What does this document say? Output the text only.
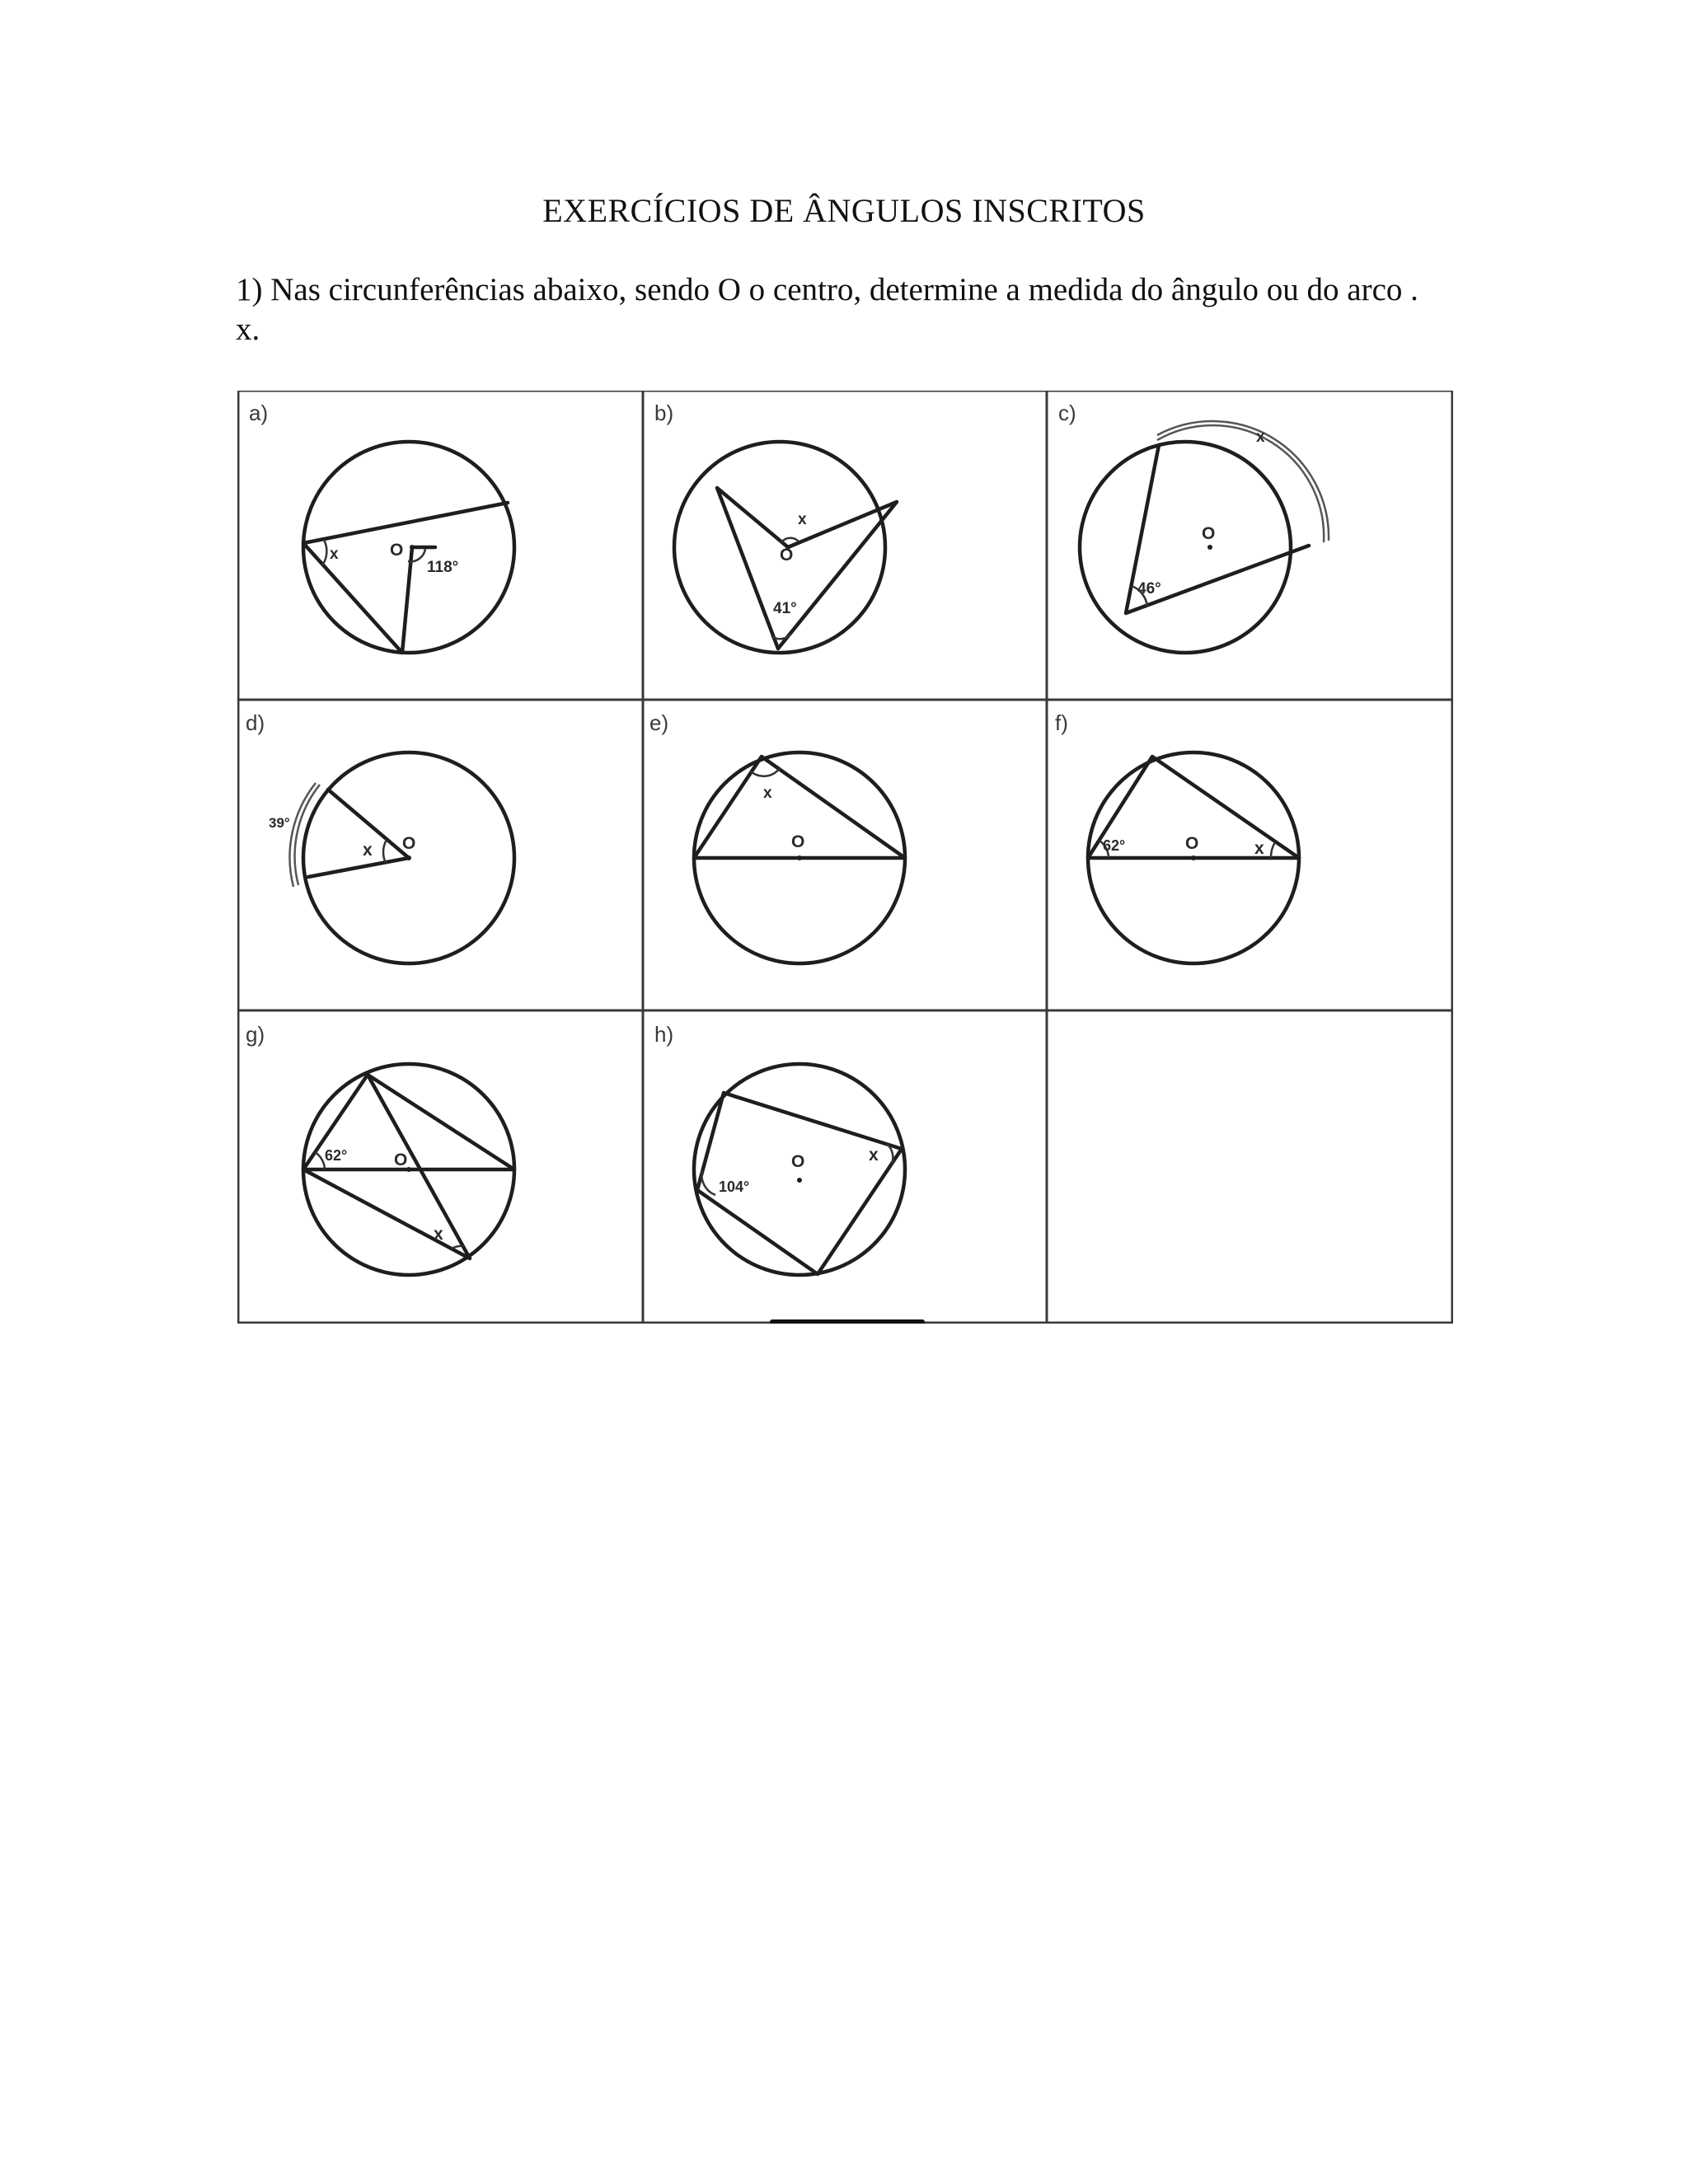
EXERCÍCIOS DE ÂNGULOS INSCRITOS
1) Nas circunferências abaixo, sendo O o centro, determine a medida do ângulo ou do arco .
x.
a)
x	O
118°
b)
x
O
41°
c)
x
O
46°
d)
39°
x O
e)
x
O
f)
62°	O	x
g)
62°	O
x
h)
104°
O	x
